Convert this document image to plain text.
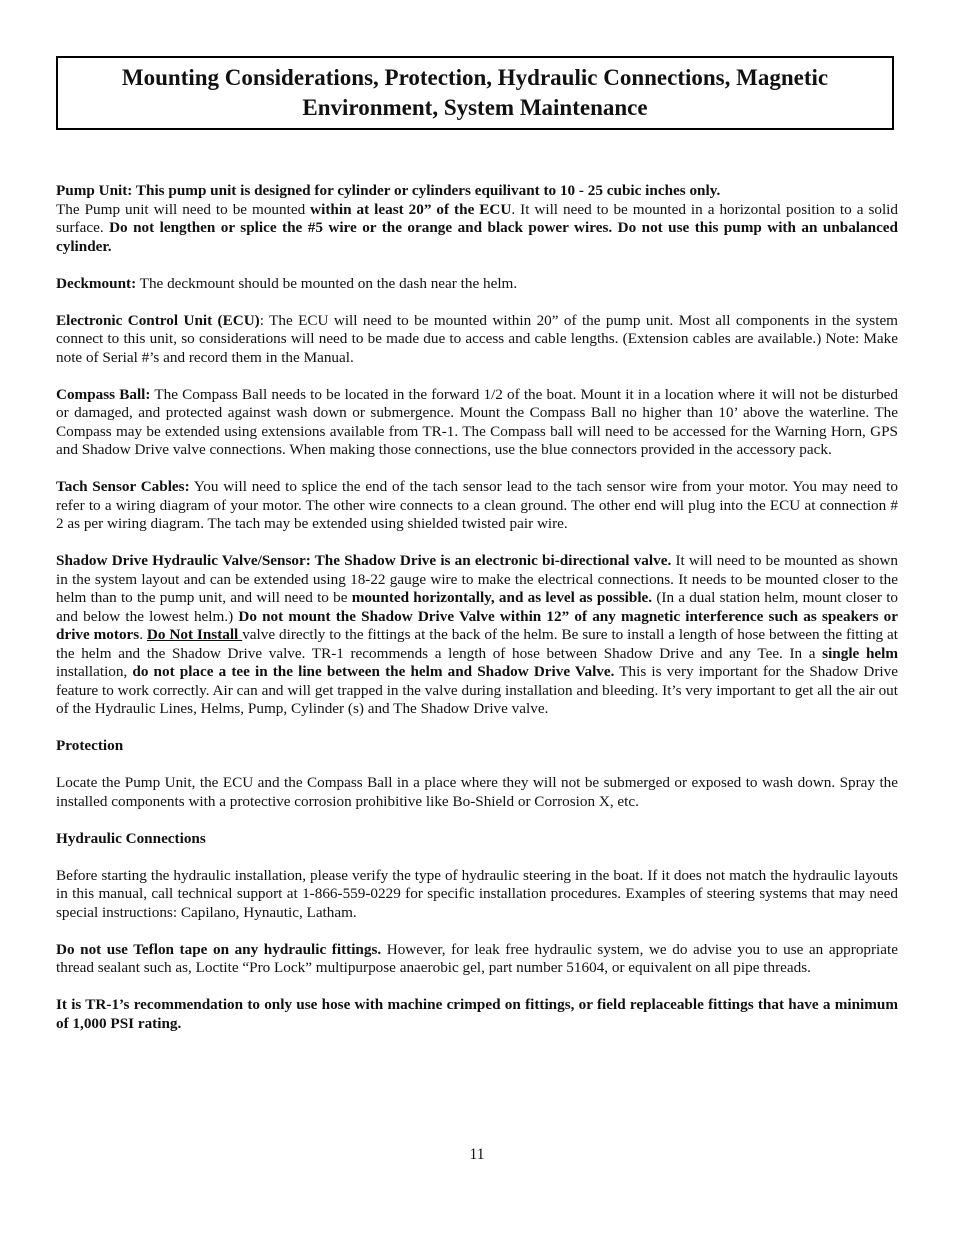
Mounting Considerations, Protection, Hydraulic Connections, Magnetic
Environment, System Maintenance

Pump Unit: This pump unit is designed for cylinder or cylinders equilivant to 10 - 25 cubic inches only.
The Pump unit will need to be mounted within at least 20” of the ECU. It will need to be mounted in a horizontal position to a solid surface. Do not lengthen or splice the #5 wire or the orange and black power wires. Do not use this pump with an unbalanced cylinder.

Deckmount: The deckmount should be mounted on the dash near the helm.

Electronic Control Unit (ECU): The ECU will need to be mounted within 20” of the pump unit. Most all components in the system connect to this unit, so considerations will need to be made due to access and cable lengths. (Extension cables are available.) Note: Make note of Serial #’s and record them in the Manual.

Compass Ball: The Compass Ball needs to be located in the forward 1/2 of the boat. Mount it in a location where it will not be disturbed or damaged, and protected against wash down or submergence. Mount the Compass Ball no higher than 10’ above the waterline. The Compass may be extended using extensions available from TR-1. The Compass ball will need to be accessed for the Warning Horn, GPS and Shadow Drive valve connections. When making those connections, use the blue connectors provided in the accessory pack.

Tach Sensor Cables: You will need to splice the end of the tach sensor lead to the tach sensor wire from your motor. You may need to refer to a wiring diagram of your motor. The other wire connects to a clean ground. The other end will plug into the ECU at connection # 2 as per wiring diagram. The tach may be extended using shielded twisted pair wire.

Shadow Drive Hydraulic Valve/Sensor: The Shadow Drive is an electronic bi-directional valve. It will need to be mounted as shown in the system layout and can be extended using 18-22 gauge wire to make the electrical connections. It needs to be mounted closer to the helm than to the pump unit, and will need to be mounted horizontally, and as level as possible. (In a dual station helm, mount closer to and below the lowest helm.) Do not mount the Shadow Drive Valve within 12” of any magnetic interference such as speakers or drive motors. Do Not Install valve directly to the fittings at the back of the helm. Be sure to install a length of hose between the fitting at the helm and the Shadow Drive valve. TR-1 recommends a length of hose between Shadow Drive and any Tee. In a single helm installation, do not place a tee in the line between the helm and Shadow Drive Valve. This is very important for the Shadow Drive feature to work correctly. Air can and will get trapped in the valve during installation and bleeding. It’s very important to get all the air out of the Hydraulic Lines, Helms, Pump, Cylinder (s) and The Shadow Drive valve.

Protection

Locate the Pump Unit, the ECU and the Compass Ball in a place where they will not be submerged or exposed to wash down. Spray the installed components with a protective corrosion prohibitive like Bo-Shield or Corrosion X, etc.

Hydraulic Connections

Before starting the hydraulic installation, please verify the type of hydraulic steering in the boat. If it does not match the hydraulic layouts in this manual, call technical support at 1-866-559-0229 for specific installation procedures. Examples of steering systems that may need special instructions: Capilano, Hynautic, Latham.

Do not use Teflon tape on any hydraulic fittings. However, for leak free hydraulic system, we do advise you to use an appropriate thread sealant such as, Loctite “Pro Lock” multipurpose anaerobic gel, part number 51604, or equivalent on all pipe threads.

It is TR-1’s recommendation to only use hose with machine crimped on fittings, or field replaceable fittings that have a minimum of 1,000 PSI rating.

11
